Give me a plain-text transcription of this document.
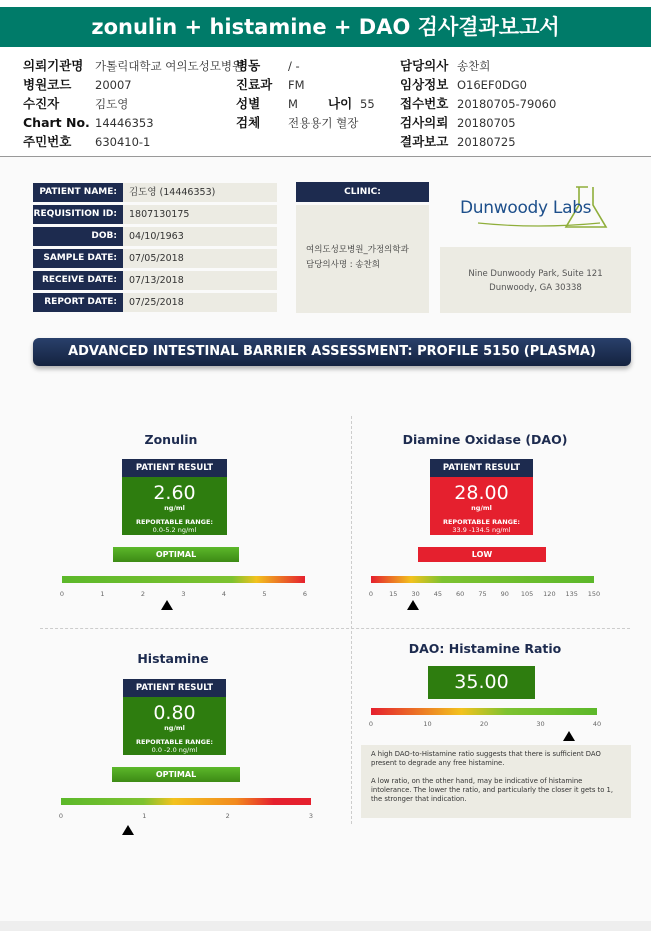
zonulin + histamine + DAO 검사결과보고서
의뢰기관명 가톨릭대학교 여의도성모병원
병원코드 20007
수진자	김도영
Chart No. 14446353
주민번호 630410-1
병동 / -
진료과 FM
성별 M 나이 55
검체 전용용기 혈장
담당의사 송찬희
임상정보 O16EF0DG0
접수번호 20180705-79060
검사의뢰 20180705
결과보고 20180725
PATIENT NAME:	김도영 (14446353)
REQUISITION ID:	1807130175
DOB:	04/10/1963
SAMPLE DATE:	07/05/2018
RECEIVE DATE:	07/13/2018
REPORT DATE:	07/25/2018
CLINIC:
여의도성모병원_가정의학과
담당의사명 : 송찬희
Dunwoody Labs
Nine Dunwoody Park, Suite 121
Dunwoody, GA 30338
ADVANCED INTESTINAL BARRIER ASSESSMENT: PROFILE 5150 (PLASMA)
Zonulin
PATIENT RESULT
2.60
ng/ml
REPORTABLE RANGE:
0.0-5.2 ng/ml
OPTIMAL
0	1	2	3	4	5	6
Diamine Oxidase (DAO)
PATIENT RESULT
28.00
ng/ml
REPORTABLE RANGE:
33.9 -134.5 ng/ml
LOW
0	15	30	45	60	75	90	105	120	135	150
Histamine
PATIENT RESULT
0.80
ng/ml
REPORTABLE RANGE:
0.0 -2.0 ng/ml
OPTIMAL
0	1	2	3
DAO: Histamine Ratio
35.00
0	10	20	30	40
A high DAO-to-Histamine ratio suggests that there is sufficient DAO present to degrade any free histamine.
A low ratio, on the other hand, may be indicative of histamine intolerance. The lower the ratio, and particularly the closer it gets to 1, the stronger that indication.
